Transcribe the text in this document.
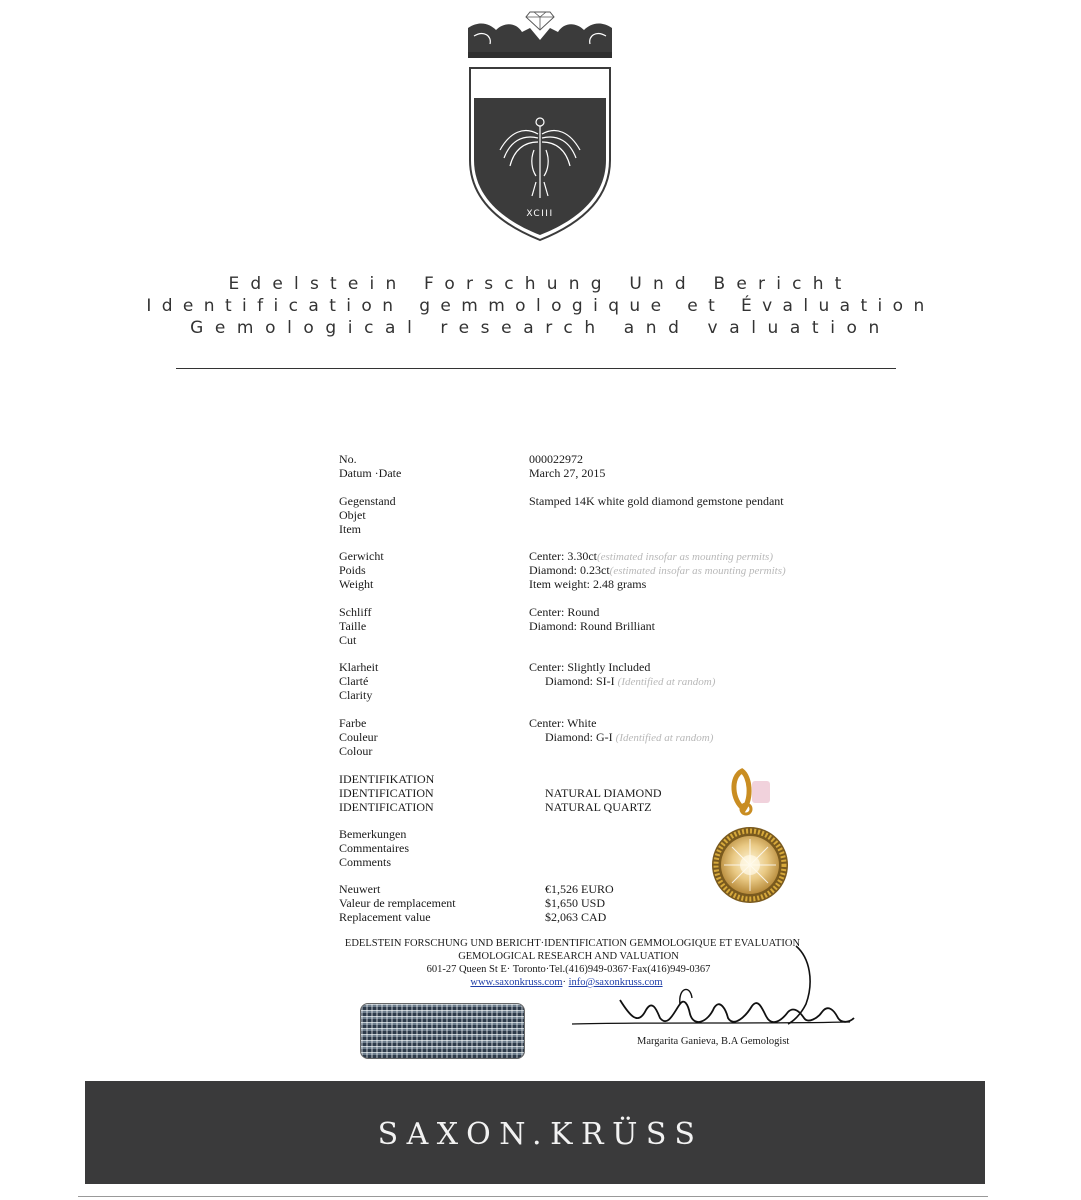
XCIII
Edelstein Forschung Und Bericht
Identification gemmologique et Évaluation
Gemological research and valuation
No.	000022972
Datum ·Date	March 27, 2015
Gegenstand
Objet
Item
Stamped 14K white gold diamond gemstone pendant
Gerwicht
Poids
Weight
Center: 3.30ct(estimated insofar as mounting permits)
Diamond: 0.23ct(estimated insofar as mounting permits)
Item weight: 2.48 grams
Schliff
Taille
Cut
Center: Round
Diamond: Round Brilliant
Klarheit
Clarté
Clarity
Center: Slightly Included
Diamond: SI-I (Identified at random)
Farbe
Couleur
Colour
Center: White
Diamond: G-I (Identified at random)
IDENTIFIKATION
IDENTIFICATION
IDENTIFICATION
NATURAL DIAMOND
NATURAL QUARTZ
Bemerkungen
Commentaires
Comments
Neuwert
Valeur de remplacement
Replacement value
€1,526 EURO
$1,650 USD
$2,063 CAD
EDELSTEIN FORSCHUNG UND BERICHT·IDENTIFICATION GEMMOLOGIQUE ET EVALUATION
GEMOLOGICAL RESEARCH AND VALUATION
601-27 Queen St E· Toronto·Tel.(416)949-0367·Fax(416)949-0367
www.saxonkruss.com· info@saxonkruss.com
Margarita Ganieva, B.A Gemologist
SAXON.KRÜSS
